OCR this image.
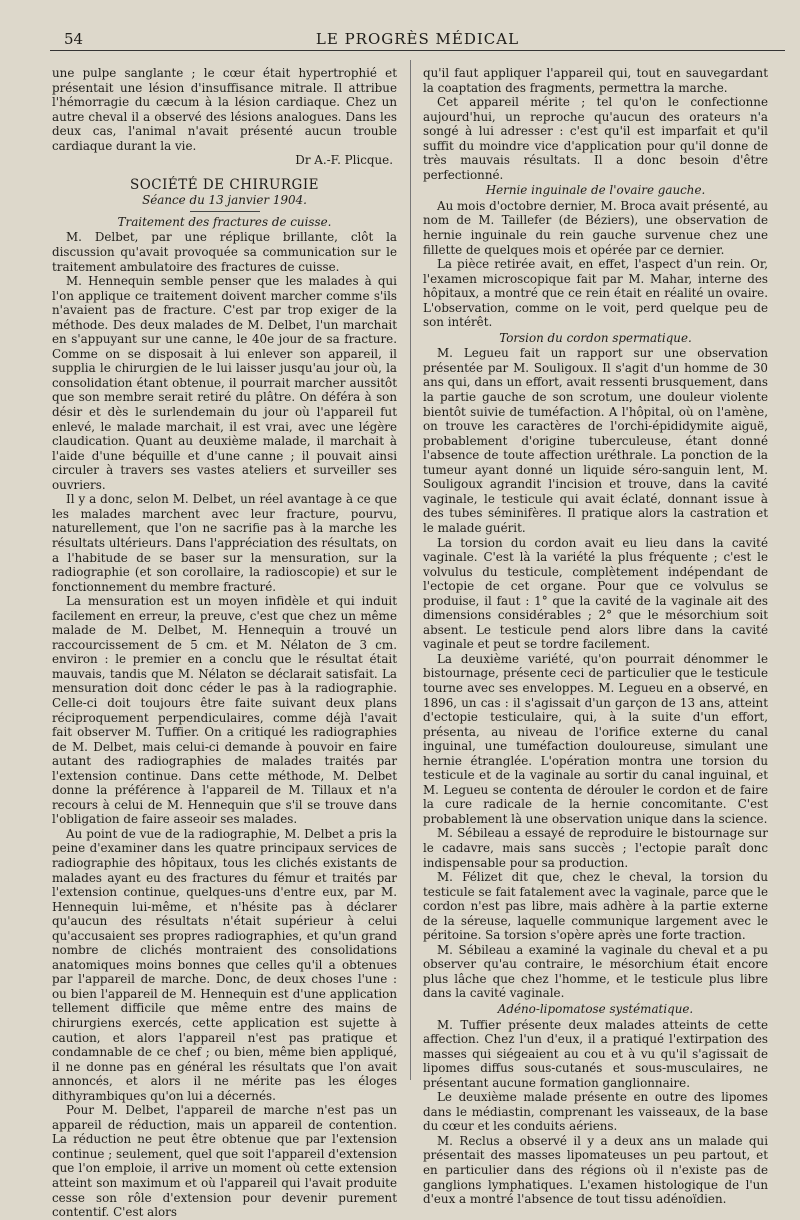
54	LE PROGRÈS MÉDICAL

une pulpe sanglante ; le cœur était hypertrophié et présentait une lésion d'insuffisance mitrale. Il attribue l'hémorragie du cæcum à la lésion cardiaque. Chez un autre cheval il a observé des lésions analogues. Dans les deux cas, l'animal n'avait présenté aucun trouble cardiaque durant la vie.

Dr A.-F. Plicque.

SOCIÉTÉ DE CHIRURGIE

Séance du 13 janvier 1904.

Traitement des fractures de cuisse.

M. Delbet, par une réplique brillante, clôt la discussion qu'avait provoquée sa communication sur le traitement ambulatoire des fractures de cuisse.

M. Hennequin semble penser que les malades à qui l'on applique ce traitement doivent marcher comme s'ils n'avaient pas de fracture. C'est par trop exiger de la méthode. Des deux malades de M. Delbet, l'un marchait en s'appuyant sur une canne, le 40e jour de sa fracture. Comme on se disposait à lui enlever son appareil, il supplia le chirurgien de le lui laisser jusqu'au jour où, la consolidation étant obtenue, il pourrait marcher aussitôt que son membre serait retiré du plâtre. On déféra à son désir et dès le surlendemain du jour où l'appareil fut enlevé, le malade marchait, il est vrai, avec une légère claudication. Quant au deuxième malade, il marchait à l'aide d'une béquille et d'une canne ; il pouvait ainsi circuler à travers ses vastes ateliers et surveiller ses ouvriers.

Il y a donc, selon M. Delbet, un réel avantage à ce que les malades marchent avec leur fracture, pourvu, naturellement, que l'on ne sacrifie pas à la marche les résultats ultérieurs. Dans l'appréciation des résultats, on a l'habitude de se baser sur la mensuration, sur la radiographie (et son corollaire, la radioscopie) et sur le fonctionnement du membre fracturé.

La mensuration est un moyen infidèle et qui induit facilement en erreur, la preuve, c'est que chez un même malade de M. Delbet, M. Hennequin a trouvé un raccourcissement de 5 cm. et M. Nélaton de 3 cm. environ : le premier en a conclu que le résultat était mauvais, tandis que M. Nélaton se déclarait satisfait. La mensuration doit donc céder le pas à la radiographie. Celle-ci doit toujours être faite suivant deux plans réciproquement perpendiculaires, comme déjà l'avait fait observer M. Tuffier. On a critiqué les radiographies de M. Delbet, mais celui-ci demande à pouvoir en faire autant des radiographies de malades traités par l'extension continue. Dans cette méthode, M. Delbet donne la préférence à l'appareil de M. Tillaux et n'a recours à celui de M. Hennequin que s'il se trouve dans l'obligation de faire asseoir ses malades.

Au point de vue de la radiographie, M. Delbet a pris la peine d'examiner dans les quatre principaux services de radiographie des hôpitaux, tous les clichés existants de malades ayant eu des fractures du fémur et traités par l'extension continue, quelques-uns d'entre eux, par M. Hennequin lui-même, et n'hésite pas à déclarer qu'aucun des résultats n'était supérieur à celui qu'accusaient ses propres radiographies, et qu'un grand nombre de clichés montraient des consolidations anatomiques moins bonnes que celles qu'il a obtenues par l'appareil de marche. Donc, de deux choses l'une : ou bien l'appareil de M. Hennequin est d'une application tellement difficile que même entre des mains de chirurgiens exercés, cette application est sujette à caution, et alors l'appareil n'est pas pratique et condamnable de ce chef ; ou bien, même bien appliqué, il ne donne pas en général les résultats que l'on avait annoncés, et alors il ne mérite pas les éloges dithyrambiques qu'on lui a décernés.

Pour M. Delbet, l'appareil de marche n'est pas un appareil de réduction, mais un appareil de contention. La réduction ne peut être obtenue que par l'extension continue ; seulement, quel que soit l'appareil d'extension que l'on emploie, il arrive un moment où cette extension atteint son maximum et où l'appareil qui l'avait produite cesse son rôle d'extension pour devenir purement contentif. C'est alors

qu'il faut appliquer l'appareil qui, tout en sauvegardant la coaptation des fragments, permettra la marche.

Cet appareil mérite ; tel qu'on le confectionne aujourd'hui, un reproche qu'aucun des orateurs n'a songé à lui adresser : c'est qu'il est imparfait et qu'il suffit du moindre vice d'application pour qu'il donne de très mauvais résultats. Il a donc besoin d'être perfectionné.

Hernie inguinale de l'ovaire gauche.

Au mois d'octobre dernier, M. Broca avait présenté, au nom de M. Taillefer (de Béziers), une observation de hernie inguinale du rein gauche survenue chez une fillette de quelques mois et opérée par ce dernier.

La pièce retirée avait, en effet, l'aspect d'un rein. Or, l'examen microscopique fait par M. Mahar, interne des hôpitaux, a montré que ce rein était en réalité un ovaire. L'observation, comme on le voit, perd quelque peu de son intérêt.

Torsion du cordon spermatique.

M. Legueu fait un rapport sur une observation présentée par M. Souligoux. Il s'agit d'un homme de 30 ans qui, dans un effort, avait ressenti brusquement, dans la partie gauche de son scrotum, une douleur violente bientôt suivie de tuméfaction. A l'hôpital, où on l'amène, on trouve les caractères de l'orchi-épididymite aiguë, probablement d'origine tuberculeuse, étant donné l'absence de toute affection uréthrale. La ponction de la tumeur ayant donné un liquide séro-sanguin lent, M. Souligoux agrandit l'incision et trouve, dans la cavité vaginale, le testicule qui avait éclaté, donnant issue à des tubes séminifères. Il pratique alors la castration et le malade guérit.

La torsion du cordon avait eu lieu dans la cavité vaginale. C'est là la variété la plus fréquente ; c'est le volvulus du testicule, complètement indépendant de l'ectopie de cet organe. Pour que ce volvulus se produise, il faut : 1° que la cavité de la vaginale ait des dimensions considérables ; 2° que le mésorchium soit absent. Le testicule pend alors libre dans la cavité vaginale et peut se tordre facilement.

La deuxième variété, qu'on pourrait dénommer le bistournage, présente ceci de particulier que le testicule tourne avec ses enveloppes. M. Legueu en a observé, en 1896, un cas : il s'agissait d'un garçon de 13 ans, atteint d'ectopie testiculaire, qui, à la suite d'un effort, présenta, au niveau de l'orifice externe du canal inguinal, une tuméfaction douloureuse, simulant une hernie étranglée. L'opération montra une torsion du testicule et de la vaginale au sortir du canal inguinal, et M. Legueu se contenta de dérouler le cordon et de faire la cure radicale de la hernie concomitante. C'est probablement là une observation unique dans la science.

M. Sébileau a essayé de reproduire le bistournage sur le cadavre, mais sans succès ; l'ectopie paraît donc indispensable pour sa production.

M. Félizet dit que, chez le cheval, la torsion du testicule se fait fatalement avec la vaginale, parce que le cordon n'est pas libre, mais adhère à la partie externe de la séreuse, laquelle communique largement avec le péritoine. Sa torsion s'opère après une forte traction.

M. Sébileau a examiné la vaginale du cheval et a pu observer qu'au contraire, le mésorchium était encore plus lâche que chez l'homme, et le testicule plus libre dans la cavité vaginale.

Adéno-lipomatose systématique.

M. Tuffier présente deux malades atteints de cette affection. Chez l'un d'eux, il a pratiqué l'extirpation des masses qui siégeaient au cou et à vu qu'il s'agissait de lipomes diffus sous-cutanés et sous-musculaires, ne présentant aucune formation ganglionnaire.

Le deuxième malade présente en outre des lipomes dans le médiastin, comprenant les vaisseaux, de la base du cœur et les conduits aériens.

M. Reclus a observé il y a deux ans un malade qui présentait des masses lipomateuses un peu partout, et en particulier dans des régions où il n'existe pas de ganglions lymphatiques. L'examen histologique de l'un d'eux a montré l'absence de tout tissu adénoïdien.
